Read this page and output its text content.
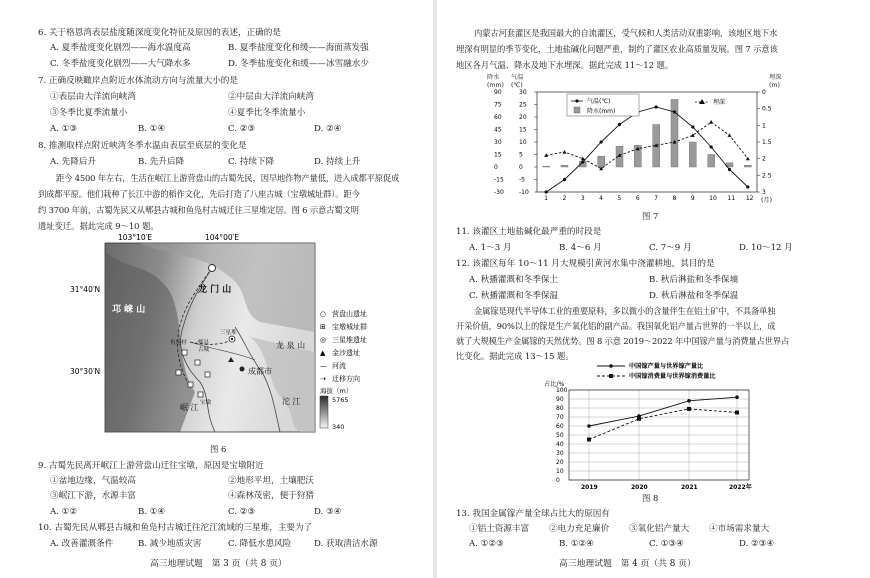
6. 关于格恩湾表层盐度随深度变化特征及原因的表述，正确的是
A. 夏季盐度变化剧烈——海水温度高	B. 夏季盐度变化和缓——海面蒸发强
C. 冬季盐度变化剧烈——大气降水多	D. 冬季盐度变化和缓——冰雪融水少
7. 正确反映瞰岸点附近水体流动方向与流量大小的是
①表层由大洋流向峡湾	②中层由大洋流向峡湾
③冬季比夏季流量小	④夏季比冬季流量小
A. ①③	B. ①④	C. ②③	D. ②④
8. 推测取样点附近峡湾冬季水温由表层至底层的变化是
A. 先降后升	B. 先升后降	C. 持续下降	D. 持续上升
距今 4500 年左右，生活在岷江上游营盘山的古蜀先民，因早地作物产量低，进入成都平原促成
到成都平原。他们栽种了长江中游的稻作文化，先后打造了八座古城（宝墩城址群）。距今
约 3700 年前，古蜀先民又从郫县古城和鱼凫村古城迁往三星堆定居。图 6 示意古蜀文明
遗址变迁。据此完成 9～10 题。
103°10′E	104°00′E
31°40′N
30°30′N
邛 崃 山
龙 门 山
成都市
岷 江
沱 江
龙 泉 山
三星堆
鱼凫村 郫县
古城
宝墩
○ 营盘山遗址
⊞ 宝墩城址群
◎ 三星堆遗址
▲ 金沙遗址
— 河流
⇢ 迁移方向
海拔（m）
5765
340
图 6
9. 古蜀先民离开岷江上游营盘山迁往宝墩，原因是宝墩附近
①盆地边缘，气温较高	②地形平坦，土壤肥沃
③岷江下游，水源丰富	④森林茂密，便于狩猎
A. ①②	B. ①④	C. ②③	D. ③④
10. 古蜀先民从郫县古城和鱼凫村古城迁往沱江流域的三星堆，主要为了
A. 改善灌溉条件	B. 减少地质灾害	C. 降低水患风险	D. 获取清洁水源
高三地理试题　第 3 页（共 8 页）
内蒙古河套灌区是我国最大的自流灌区，受气候和人类活动双重影响，该地区地下水
埋深有明显的季节变化，土地盐碱化问题严重，制约了灌区农业高质量发展。图 7 示意该
地区各月气温、降水及地下水埋深。据此完成 11～12 题。
降水
(mm)
气温
(℃)
埋深
(m)
90	30
75	25
60	20
45	15
30	10
15	5
0	0
-15	-5
-30	-10
0
0.5
1
1.5
2
2.5
3
1 2 3 4 5 6 7 8 9 10 11 12 (月)
气温(℃)
降水(mm)
埋深
图 7
11. 该灌区土地盐碱化最严重的时段是
A. 1～3 月	B. 4～6 月	C. 7～9 月	D. 10～12 月
12. 该灌区每年 10～11 月大规模引黄河水集中浇灌耕地，其目的是
A. 秋播灌溉和冬季保土	B. 秋后淋盐和冬季保墒
C. 秋播灌溉和冬季保温	D. 秋后淋盐和冬季保温
金属镓是现代半导体工业的重要原料，多以微小的含量伴生在铝土矿中，不具备单独
开采价值，90%以上的镓是生产氧化铝的副产品。我国氧化铝产量占世界的一半以上，成
就了大规模生产金属镓的天然优势。图 8 示意 2019～2022 年中国镓产量与消费量占世界占
比变化。据此完成 13～15 题。
中国镓产量与世界镓产量比
中国镓消费量与世界镓消费量比
占比/%
100
90
80
70
60
50
40
30
20
10
0
2019	2020	2021	2022年
图 8
13. 我国金属镓产量全球占比大的原因有
①铝土资源丰富 ②电力充足廉价 ③氧化铝产量大 ④市场需求量大
A. ①②③	B. ①②④	C. ①③④	D. ②③④
高三地理试题　第 4 页（共 8 页）
